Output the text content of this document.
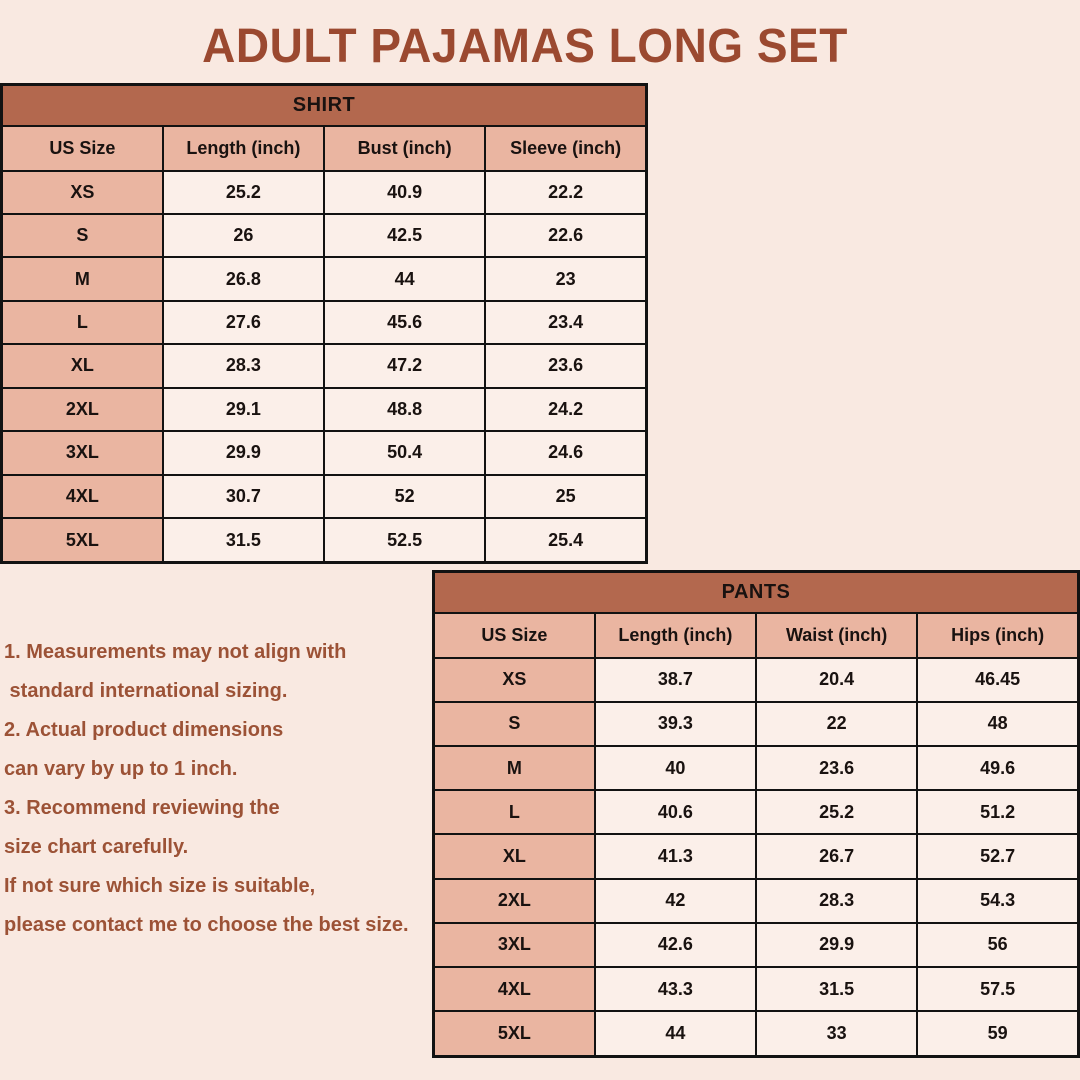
ADULT PAJAMAS LONG SET
SHIRT			
US Size	Length (inch)	Bust (inch)	Sleeve (inch)
XS	25.2	40.9	22.2
S	26	42.5	22.6
M	26.8	44	23
L	27.6	45.6	23.4
XL	28.3	47.2	23.6
2XL	29.1	48.8	24.2
3XL	29.9	50.4	24.6
4XL	30.7	52	25
5XL	31.5	52.5	25.4
PANTS			
US Size	Length (inch)	Waist (inch)	Hips (inch)
XS	38.7	20.4	46.45
S	39.3	22	48
M	40	23.6	49.6
L	40.6	25.2	51.2
XL	41.3	26.7	52.7
2XL	42	28.3	54.3
3XL	42.6	29.9	56
4XL	43.3	31.5	57.5
5XL	44	33	59
1. Measurements may not align with
standard international sizing.
2. Actual product dimensions
can vary by up to 1 inch.
3. Recommend reviewing the
size chart carefully.
If not sure which size is suitable,
please contact me to choose the best size.
